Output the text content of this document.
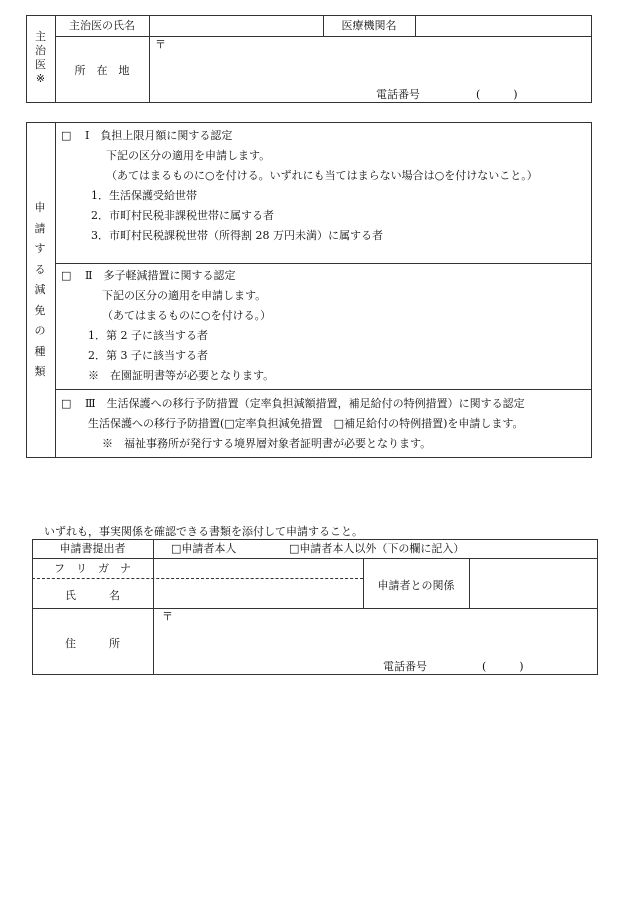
主
治
医
※
主治医の氏名	医療機関名
所　在　地
〒
電話番号	(　　　)
申
請
す
る
減
免
の
種
類
□ Ⅰ　負担上限月額に関する認定
下記の区分の適用を申請します。
（あてはまるものに○を付ける。いずれにも当てはまらない場合は○を付けないこと。）
1．生活保護受給世帯
2．市町村民税非課税世帯に属する者
3．市町村民税課税世帯（所得割 28 万円未満）に属する者
□ Ⅱ　多子軽減措置に関する認定
下記の区分の適用を申請します。
（あてはまるものに○を付ける。）
1．第 2 子に該当する者
2．第 3 子に該当する者
※　在園証明書等が必要となります。
□ Ⅲ　生活保護への移行予防措置（定率負担減額措置，補足給付の特例措置）に関する認定
生活保護への移行予防措置(□定率負担減免措置　□補足給付の特例措置)を申請します。
※　福祉事務所が発行する境界層対象者証明書が必要となります。
いずれも，事実関係を確認できる書類を添付して申請すること。
申請書提出者	□申請者本人	□申請者本人以外（下の欄に記入）
フ　リ　ガ　ナ
氏　　　名
申請者との関係
住　　　所
〒
電話番号	(　　　)
